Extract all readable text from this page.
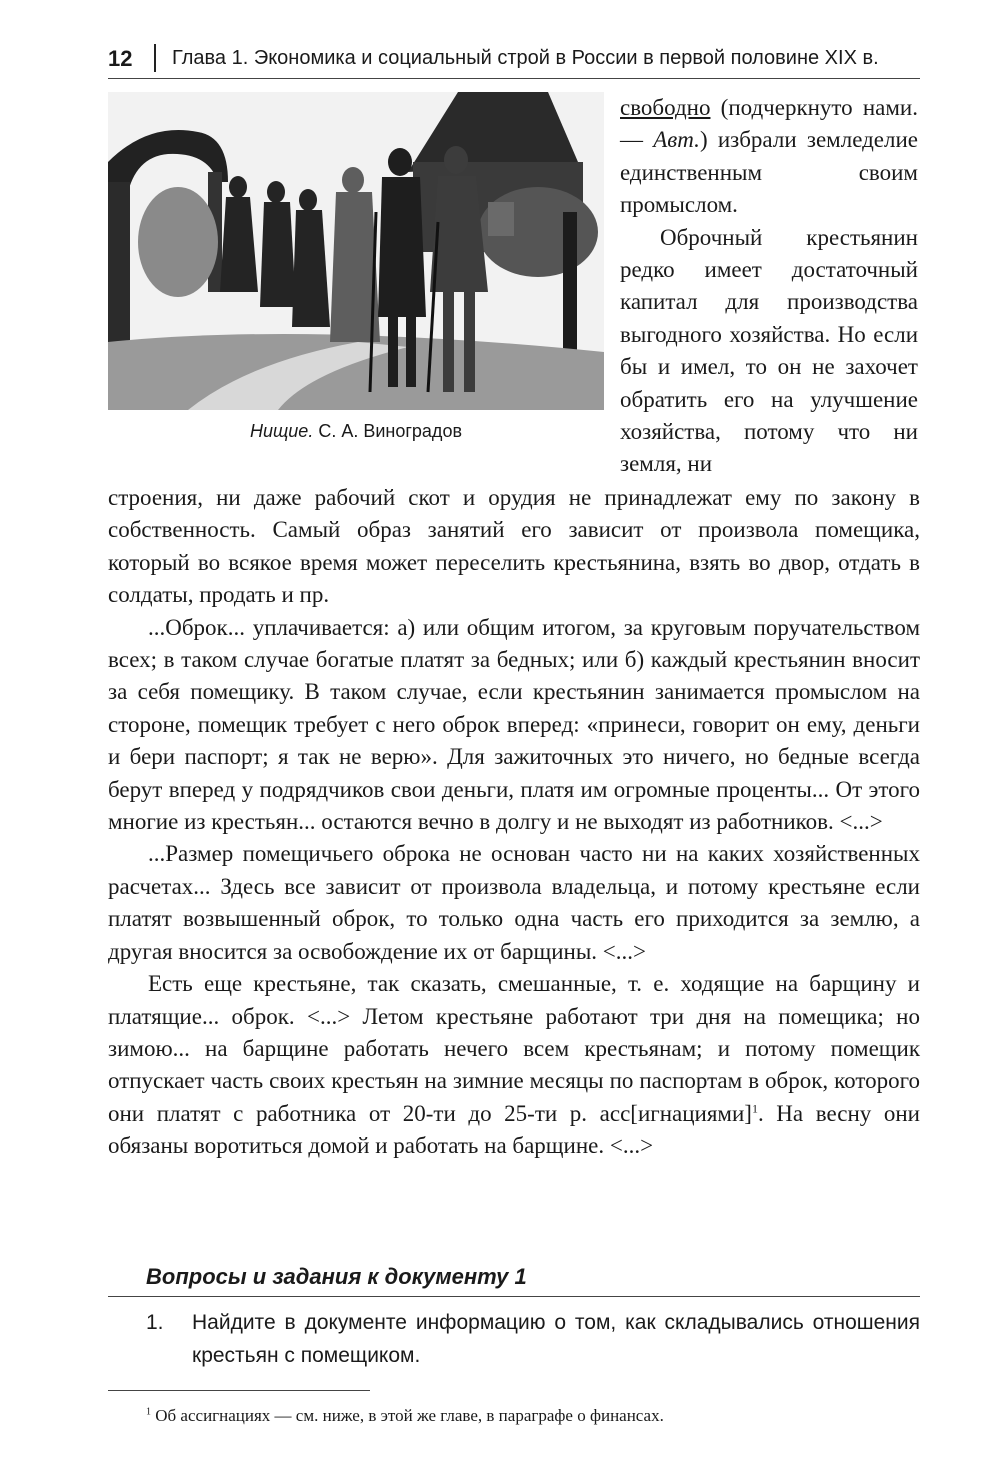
12 Глава 1. Экономика и социальный строй в России в первой половине XIX в.
Нищие. С. А. Виноградов

свободно (подчеркнуто нами. — Авт.) избрали земледелие единственным своим промыслом.

Оброчный крестьянин редко имеет достаточный капитал для производства выгодного хозяйства. Но если бы и имел, то он не захочет обратить его на улучшение хозяйства, потому что ни земля, ни

строения, ни даже рабочий скот и орудия не принадлежат ему по закону в собственность. Самый образ занятий его зависит от произвола помещика, который во всякое время может переселить крестьянина, взять во двор, отдать в солдаты, продать и пр.

...Оброк... уплачивается: а) или общим итогом, за круговым поручательством всех; в таком случае богатые платят за бедных; или б) каждый крестьянин вносит за себя помещику. В таком случае, если крестьянин занимается промыслом на стороне, помещик требует с него оброк вперед: «принеси, говорит он ему, деньги и бери паспорт; я так не верю». Для зажиточных это ничего, но бедные всегда берут вперед у подрядчиков свои деньги, платя им огромные проценты... От этого многие из крестьян... остаются вечно в долгу и не выходят из работников. <...>

...Размер помещичьего оброка не основан часто ни на каких хозяйственных расчетах... Здесь все зависит от произвола владельца, и потому крестьяне если платят возвышенный оброк, то только одна часть его приходится за землю, а другая вносится за освобождение их от барщины. <...>

Есть еще крестьяне, так сказать, смешанные, т. е. ходящие на барщину и платящие... оброк. <...> Летом крестьяне работают три дня на помещика; но зимою... на барщине работать нечего всем крестьянам; и потому помещик отпускает часть своих крестьян на зимние месяцы по паспортам в оброк, которого они платят с работника от 20-ти до 25-ти р. асс[игнациями]$^1$. На весну они обязаны воротиться домой и работать на барщине. <...>

Вопросы и задания к документу 1
1. Найдите в документе информацию о том, как складывались отношения крестьян с помещиком.
$^1$ Об ассигнациях — см. ниже, в этой же главе, в параграфе о финансах.
